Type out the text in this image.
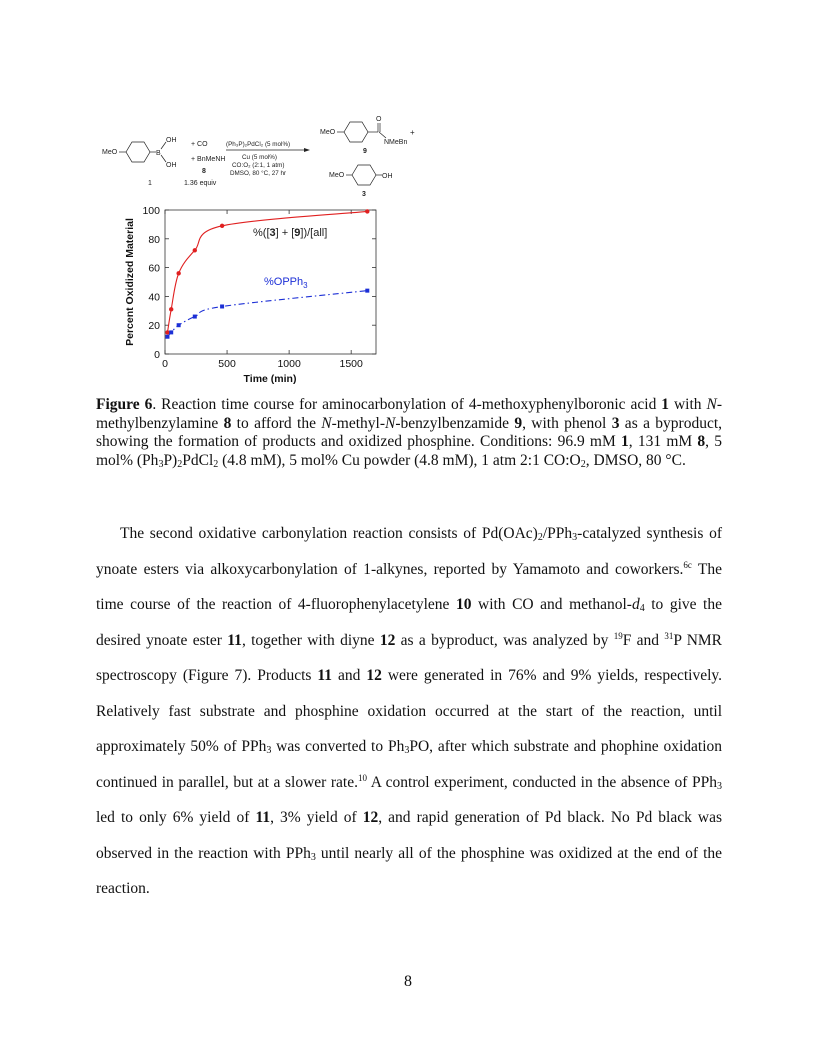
MeO	B
OH
OH
1
+ CO
+ BnMeNH
8
1.36 equiv
(Ph₃P)₂PdCl₂ (5 mol%)
Cu (5 mol%)
CO:O₂ (2:1, 1 atm)
DMSO, 80 °C, 27 hr
MeO
O
NMeBn
+
9
MeO	OH
3
0	500	1000	1500
0
20
40
60
80
100
Time (min)
Percent Oxidized Material	%([3] + [9])/[all]
%OPPh$_3$
Figure 6. Reaction time course for aminocarbonylation of 4-methoxyphenylboronic acid 1 with N-methylbenzylamine 8 to afford the N-methyl-N-benzylbenzamide 9, with phenol 3 as a byproduct, showing the formation of products and oxidized phosphine. Conditions: 96.9 mM 1, 131 mM 8, 5 mol% $(Ph_3P)_2PdCl_2$ (4.8 mM), 5 mol% Cu powder (4.8 mM), 1 atm 2:1 $CO:O_2$, DMSO, 80 °C.
The second oxidative carbonylation reaction consists of $Pd(OAc)_2/PPh_3$-catalyzed synthesis of ynoate esters via alkoxycarbonylation of 1-alkynes, reported by Yamamoto and coworkers.$^{6c}$ The time course of the reaction of 4-fluorophenylacetylene 10 with CO and methanol-$d_4$ to give the desired ynoate ester 11, together with diyne 12 as a byproduct, was analyzed by $^{19}$F and $^{31}$P NMR spectroscopy (Figure 7). Products 11 and 12 were generated in 76% and 9% yields, respectively. Relatively fast substrate and phosphine oxidation occurred at the start of the reaction, until approximately 50% of PPh$_3$ was converted to $Ph_3PO$, after which substrate and phophine oxidation continued in parallel, but at a slower rate.$^{10}$ A control experiment, conducted in the absence of PPh$_3$ led to only 6% yield of 11, 3% yield of 12, and rapid generation of Pd black. No Pd black was observed in the reaction with PPh$_3$ until nearly all of the phosphine was oxidized at the end of the reaction.
8
